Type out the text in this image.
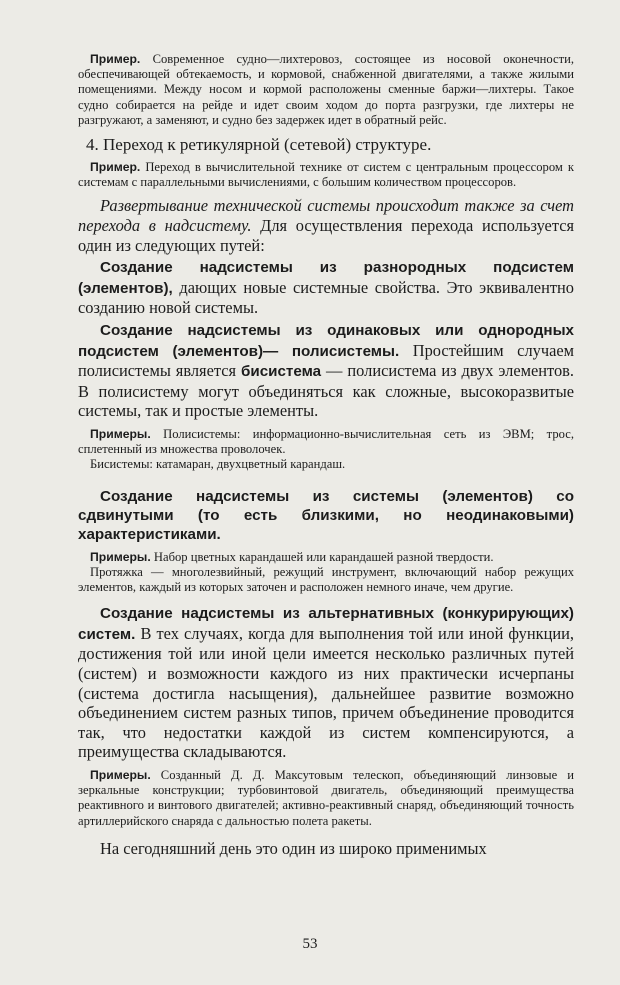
Пример. Современное судно—лихтеровоз, состоящее из носовой оконечности, обеспечивающей обтекаемость, и кормовой, снабженной двигателями, а также жилыми помещениями. Между носом и кормой расположены сменные баржи—лихтеры. Такое судно собирается на рейде и идет своим ходом до порта разгрузки, где лихтеры не разгружают, а заменяют, и судно без задержек идет в обратный рейс.

4. Переход к ретикулярной (сетевой) структуре.

Пример. Переход в вычислительной технике от систем с центральным процессором к системам с параллельными вычислениями, с большим количеством процессоров.

Развертывание технической системы происходит также за счет перехода в надсистему. Для осуществления перехода используется один из следующих путей:

Создание надсистемы из разнородных подсистем (элементов), дающих новые системные свойства. Это эквивалентно созданию новой системы.

Создание надсистемы из одинаковых или однородных подсистем (элементов)— полисистемы. Простейшим случаем полисистемы является бисистема — полисистема из двух элементов. В полисистему могут объединяться как сложные, высокоразвитые системы, так и простые элементы.

Примеры. Полисистемы: информационно-вычислительная сеть из ЭВМ; трос, сплетенный из множества проволочек.

Бисистемы: катамаран, двухцветный карандаш.

Создание надсистемы из системы (элементов) со сдвинутыми (то есть близкими, но неодинаковыми) характеристиками.

Примеры. Набор цветных карандашей или карандашей разной твердости.

Протяжка — многолезвийный, режущий инструмент, включающий набор режущих элементов, каждый из которых заточен и расположен немного иначе, чем другие.

Создание надсистемы из альтернативных (конкурирующих) систем. В тех случаях, когда для выполнения той или иной функции, достижения той или иной цели имеется несколько различных путей (систем) и возможности каждого из них практически исчерпаны (система достигла насыщения), дальнейшее развитие возможно объединением систем разных типов, причем объединение проводится так, что недостатки каждой из систем компенсируются, а преимущества складываются.

Примеры. Созданный Д. Д. Максутовым телескоп, объединяющий линзовые и зеркальные конструкции; турбовинтовой двигатель, объединяющий преимущества реактивного и винтового двигателей; активно-реактивный снаряд, объединяющий точность артиллерийского снаряда с дальностью полета ракеты.

На сегодняшний день это один из широко применимых

53
